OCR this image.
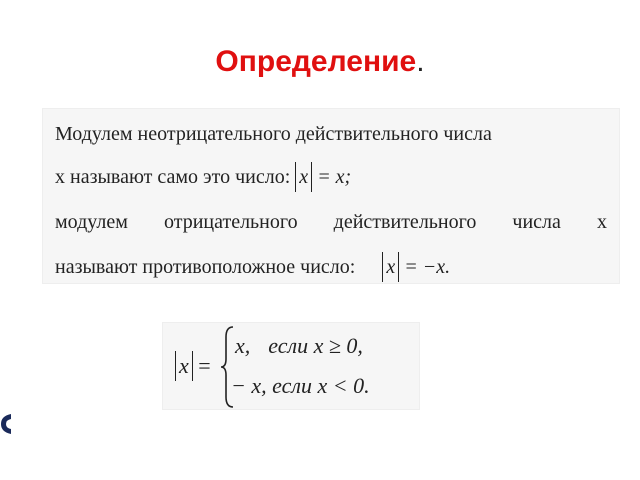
Определение.
Модулем неотрицательного действительного числа
х называют само это число: x = x;
модулем отрицательного действительного числа х
называют противоположное число: x = −x.
x =
x, если x ≥ 0,
− x, если x < 0.
